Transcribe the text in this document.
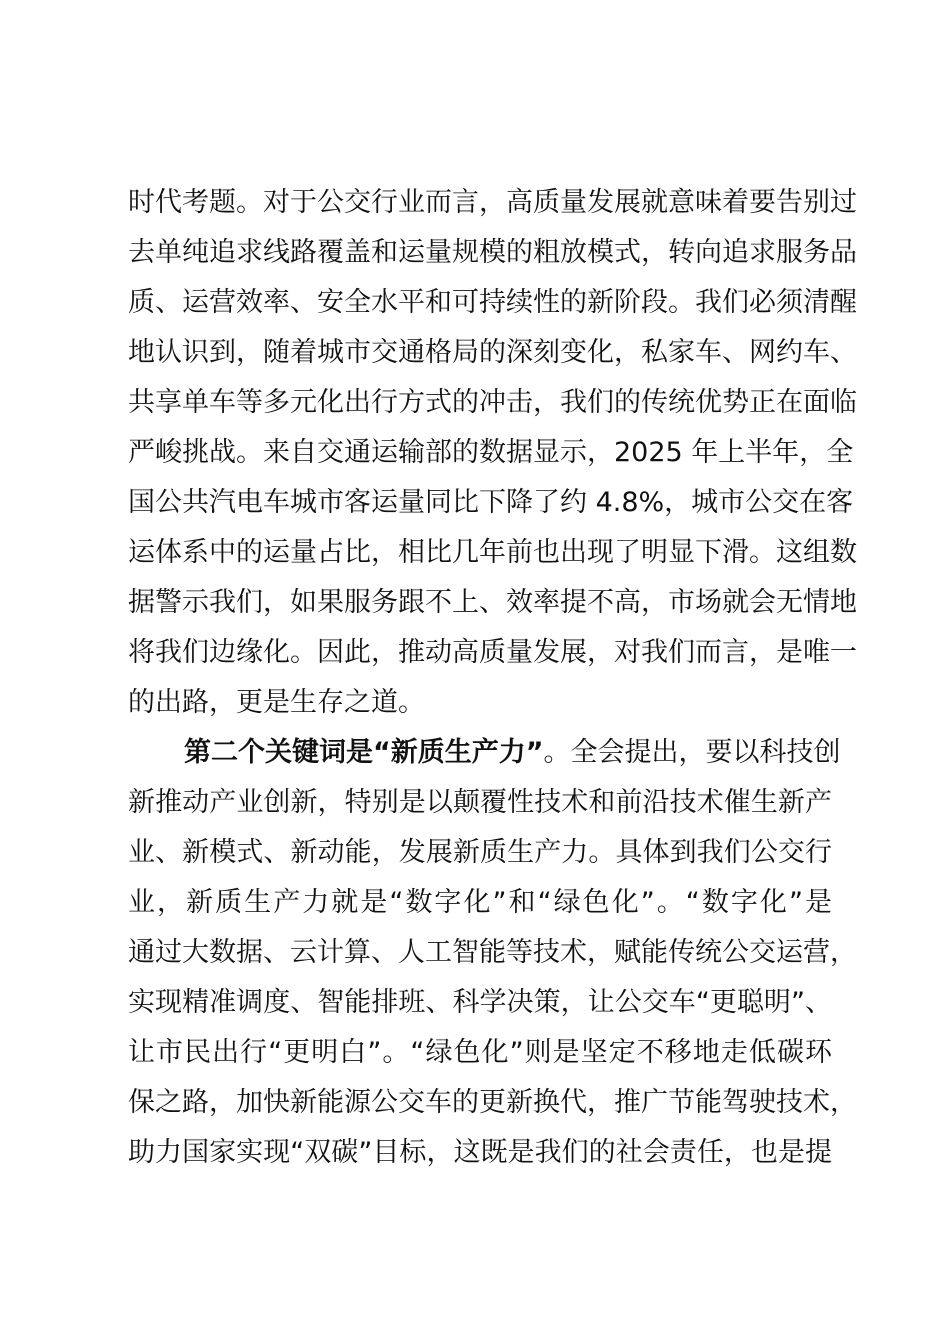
时代考题。对于公交行业而言，高质量发展就意味着要告别过
去单纯追求线路覆盖和运量规模的粗放模式，转向追求服务品
质、运营效率、安全水平和可持续性的新阶段。我们必须清醒
地认识到，随着城市交通格局的深刻变化，私家车、网约车、
共享单车等多元化出行方式的冲击，我们的传统优势正在面临
严峻挑战。来自交通运输部的数据显示，2025 年上半年，全
国公共汽电车城市客运量同比下降了约 4.8%，城市公交在客
运体系中的运量占比，相比几年前也出现了明显下滑。这组数
据警示我们，如果服务跟不上、效率提不高，市场就会无情地
将我们边缘化。因此，推动高质量发展，对我们而言，是唯一
的出路，更是生存之道。
第二个关键词是“新质生产力”。全会提出，要以科技创
新推动产业创新，特别是以颠覆性技术和前沿技术催生新产
业、新模式、新动能，发展新质生产力。具体到我们公交行
业，新质生产力就是“数字化”和“绿色化”。“数字化”是
通过大数据、云计算、人工智能等技术，赋能传统公交运营，
实现精准调度、智能排班、科学决策，让公交车“更聪明”、
让市民出行“更明白”。“绿色化”则是坚定不移地走低碳环
保之路，加快新能源公交车的更新换代，推广节能驾驶技术，
助力国家实现“双碳”目标，这既是我们的社会责任，也是提
